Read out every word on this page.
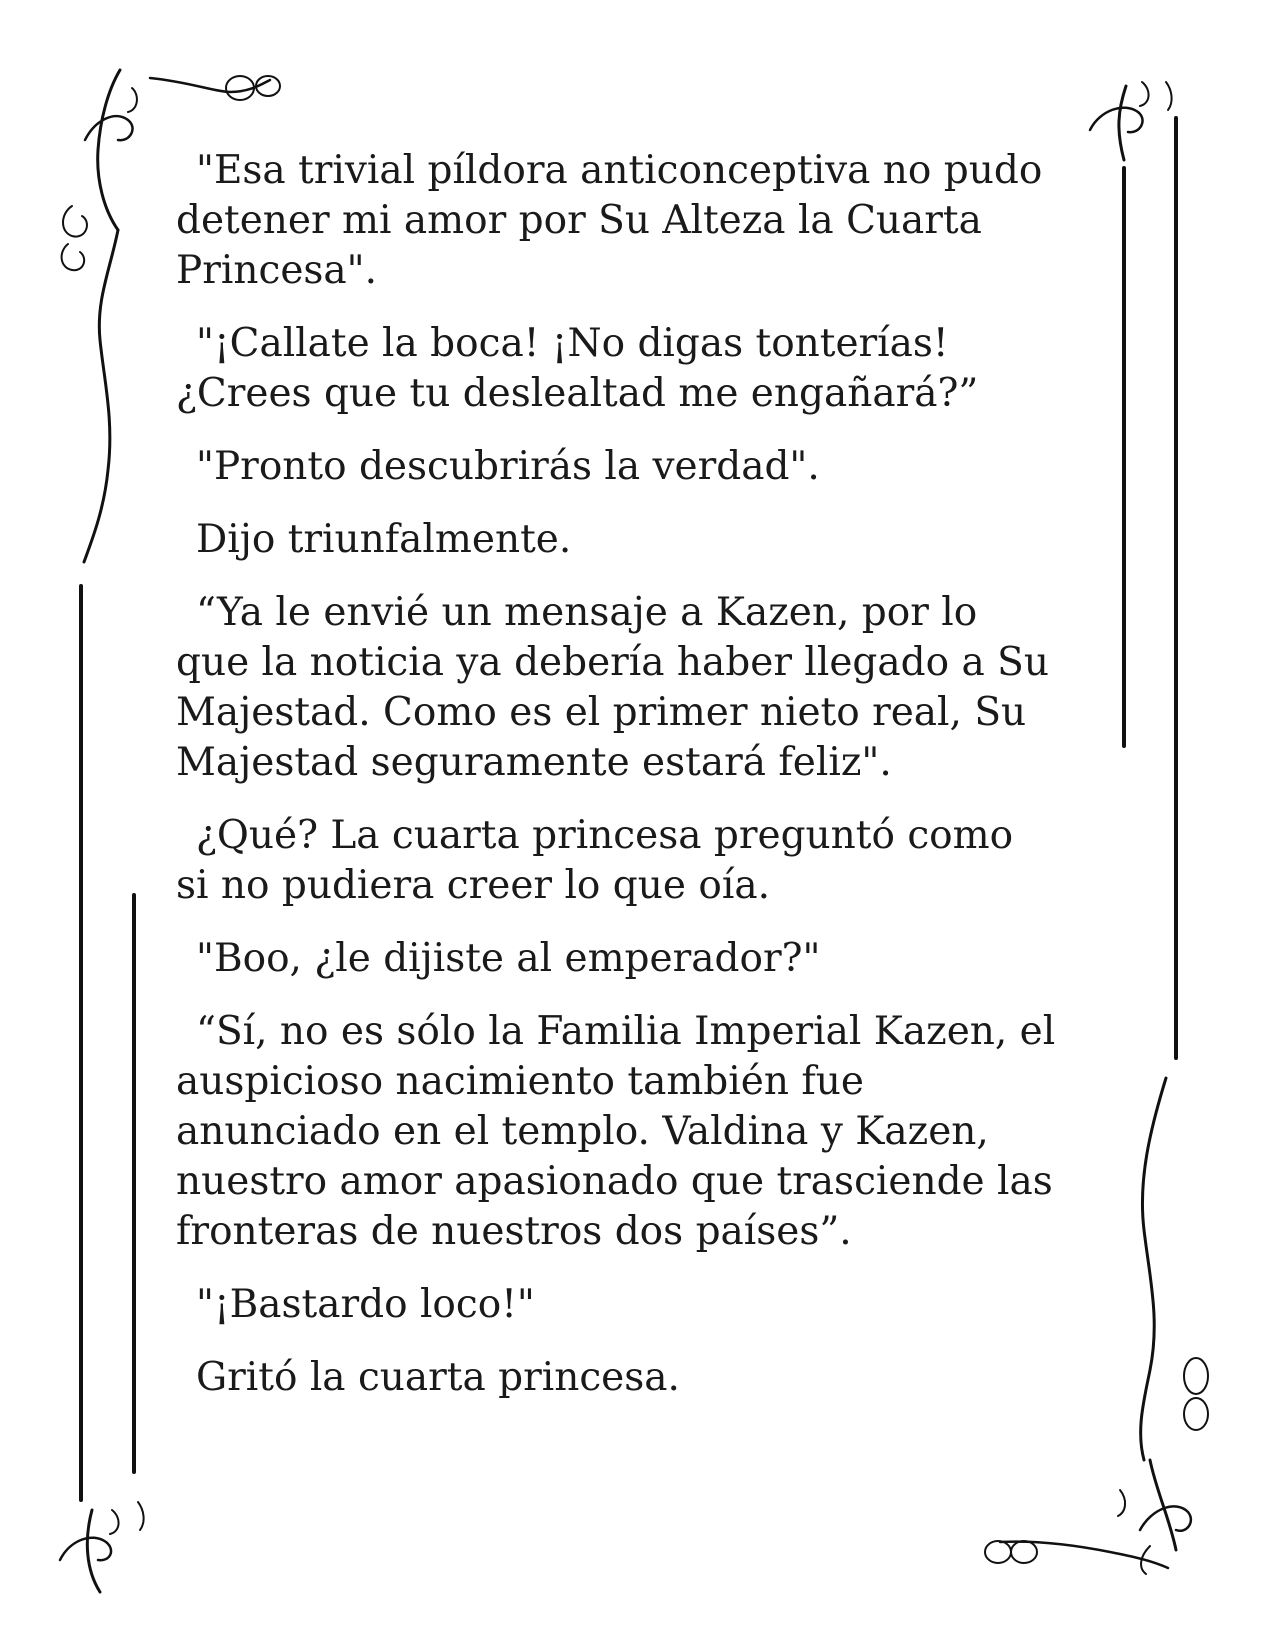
"Esa trivial píldora anticonceptiva no pudo detener mi amor por Su Alteza la Cuarta Princesa".

"¡Callate la boca! ¡No digas tonterías! ¿Crees que tu deslealtad me engañará?”

"Pronto descubrirás la verdad".

Dijo triunfalmente.

“Ya le envié un mensaje a Kazen, por lo que la noticia ya debería haber llegado a Su Majestad. Como es el primer nieto real, Su Majestad seguramente estará feliz".

¿Qué? La cuarta princesa preguntó como si no pudiera creer lo que oía.

"Boo, ¿le dijiste al emperador?"

“Sí, no es sólo la Familia Imperial Kazen, el auspicioso nacimiento también fue anunciado en el templo. Valdina y Kazen, nuestro amor apasionado que trasciende las fronteras de nuestros dos países”.

"¡Bastardo loco!"

Gritó la cuarta princesa.
